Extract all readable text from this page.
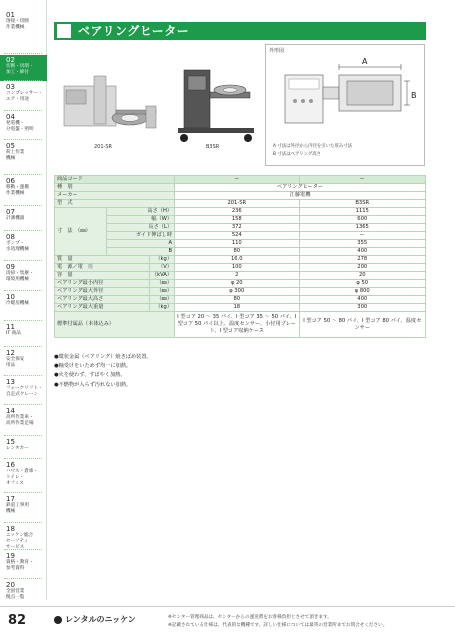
01
溶接・切断
作業機械
02
切断・切削・
加工・締付
03
コンプレッサー・
エア・用途
04
発電機・
分電盤・照明
05
荷上作業
機械
06
移動・運搬
作業機械
07
計測機器
08
ポンプ・
水処理機械
09
清掃・集塵・
環境用機械
10
冷暖房機械
11
IT 商品
12
安全保安
用品
13
フォークリフト・
自走式クレーン
14
高所作業車・
高所作業足場
15
レンタカー
16
ハウス・倉庫・
トイレ・
オフィス
17
鉄道工事用
機械
18
ニッケン総合
セーフティ
サービス
19
資格・教育・
参考資料
20
全国営業
拠点一覧
ベアリングヒーター
201-SR	B3SR
外形図
A
B
A 寸法は外径から内径を引いた厚み寸法
B 寸法はベアリング高さ
商品コード			ー	ー
種　別			ベアリングヒーター	
メーカー			江藤電機	
型　式			201-SR	B3SR
寸　法　（㎜）	高さ（H）		236	1115
	幅（W）		158	600
	長さ（L）		372	1365
	ガイド伸ばし時		524	ー
	A		110	355
	B		80	400
質　量		（kg）	16.0	278
電　源／電　圧		（V）	100	200
容　量		（kVA）	2	20
ベアリング最小内径		（㎜）	φ 20	φ 50
ベアリング最大外径		（㎜）	φ 300	φ 800
ベアリング最大高さ		（㎜）	80	400
ベアリング最大重量		（kg）	18	300
標準付属品（本体込み）			I 型コア 20 ～ 35 パイ、I 型コア 35 ～ 50 パイ、I 型コア 50 パイ以上、温度センサー、小径用プレート、I 型コア収納ケース	I 型コア 50 ～ 80 パイ、I 型コア 80 パイ、温度センサー
●環状金属（ベアリング）焼きばめ装置。
●軸受けをいためず均一に加熱。
●火を使わず、すばやく加熱。
●不燃物が入らず汚れない加熱。
82	レンタルのニッケン	※センター管理商品は、センターからの運送費をお客様負担とさせて頂きます。
※記載されている仕様は、代表的な機種です。詳しい仕様については最寄の営業所までお問合せください。
